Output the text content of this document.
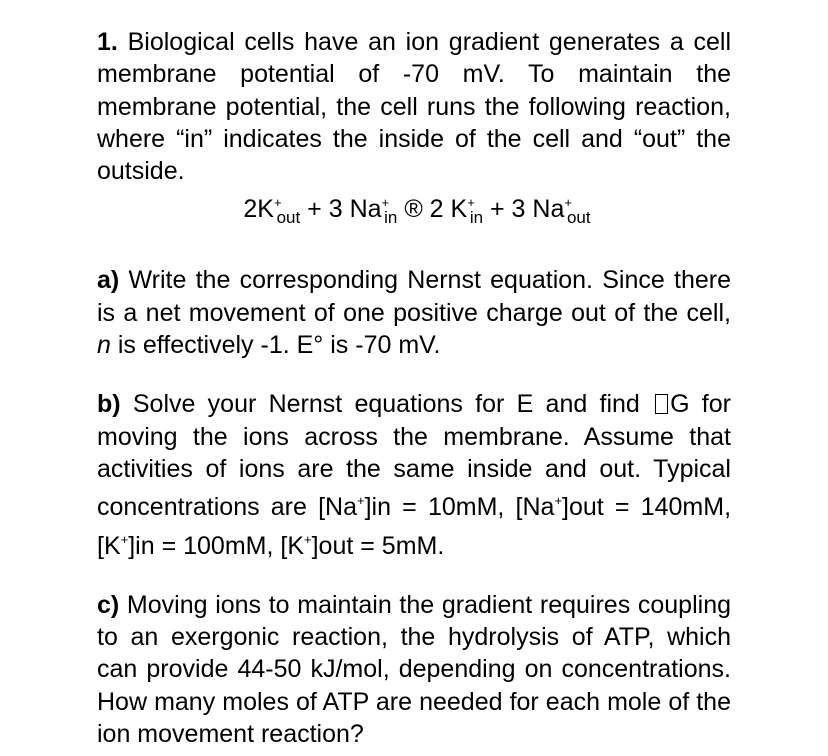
1. Biological cells have an ion gradient generates a cell membrane potential of -70 mV. To maintain the membrane potential, the cell runs the following reaction, where “in” indicates the inside of the cell and “out” the outside.

$2K^+_{out} + 3$ $Na^+_{in}$ ® 2 $K^+_{in} + 3$ $Na^+_{out}$

a) Write the corresponding Nernst equation. Since there is a net movement of one positive charge out of the cell, n is effectively -1. E° is -70 mV.

b) Solve your Nernst equations for E and find G for moving the ions across the membrane. Assume that activities of ions are the same inside and out. Typical concentrations are [Na+]in = 10mM, [Na+]out = 140mM, [K+]in = 100mM, [K+]out = 5mM.

c) Moving ions to maintain the gradient requires coupling to an exergonic reaction, the hydrolysis of ATP, which can provide 44-50 kJ/mol, depending on concentrations. How many moles of ATP are needed for each mole of the ion movement reaction?
